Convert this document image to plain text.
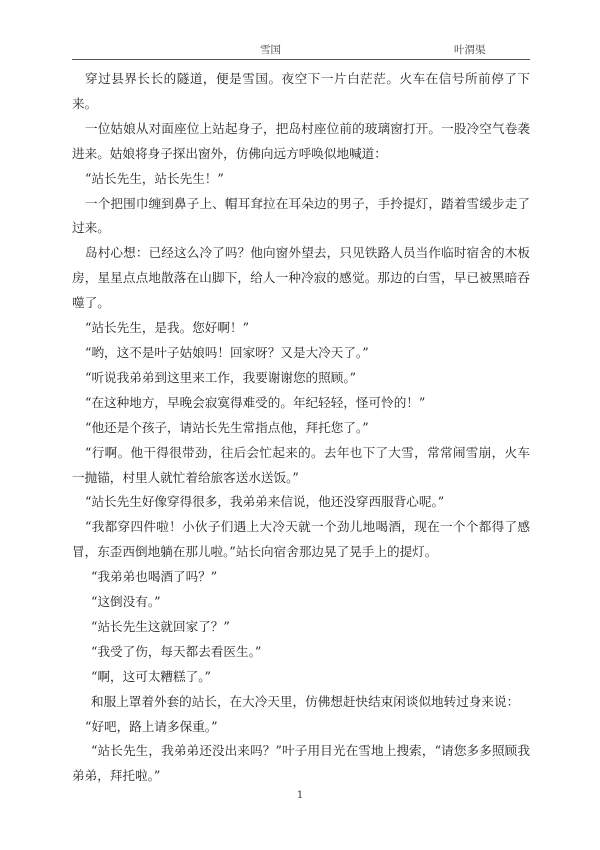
雪国	叶渭渠

穿过县界长长的隧道，便是雪国。夜空下一片白茫茫。火车在信号所前停了下来。

一位姑娘从对面座位上站起身子，把岛村座位前的玻璃窗打开。一股冷空气卷袭进来。姑娘将身子探出窗外，仿佛向远方呼唤似地喊道：

“站长先生，站长先生！”

一个把围巾缠到鼻子上、帽耳耷拉在耳朵边的男子，手拎提灯，踏着雪缓步走了过来。

岛村心想：已经这么冷了吗？他向窗外望去，只见铁路人员当作临时宿舍的木板房，星星点点地散落在山脚下，给人一种冷寂的感觉。那边的白雪，早已被黑暗吞噬了。

“站长先生，是我。您好啊！”

“哟，这不是叶子姑娘吗！回家呀？又是大冷天了。”

“听说我弟弟到这里来工作，我要谢谢您的照顾。”

“在这种地方，早晚会寂寞得难受的。年纪轻轻，怪可怜的！”

“他还是个孩子，请站长先生常指点他，拜托您了。”

“行啊。他干得很带劲，往后会忙起来的。去年也下了大雪，常常闹雪崩，火车一抛锚，村里人就忙着给旅客送水送饭。”

“站长先生好像穿得很多，我弟弟来信说，他还没穿西服背心呢。”

“我都穿四件啦！小伙子们遇上大冷天就一个劲儿地喝酒，现在一个个都得了感冒，东歪西倒地躺在那儿啦。”站长向宿舍那边晃了晃手上的提灯。

“我弟弟也喝酒了吗？”

“这倒没有。”

“站长先生这就回家了？”

“我受了伤，每天都去看医生。”

“啊，这可太糟糕了。”

和服上罩着外套的站长，在大冷天里，仿佛想赶快结束闲谈似地转过身来说：

“好吧，路上请多保重。”

“站长先生，我弟弟还没出来吗？”叶子用目光在雪地上搜索，“请您多多照顾我弟弟，拜托啦。”

1
